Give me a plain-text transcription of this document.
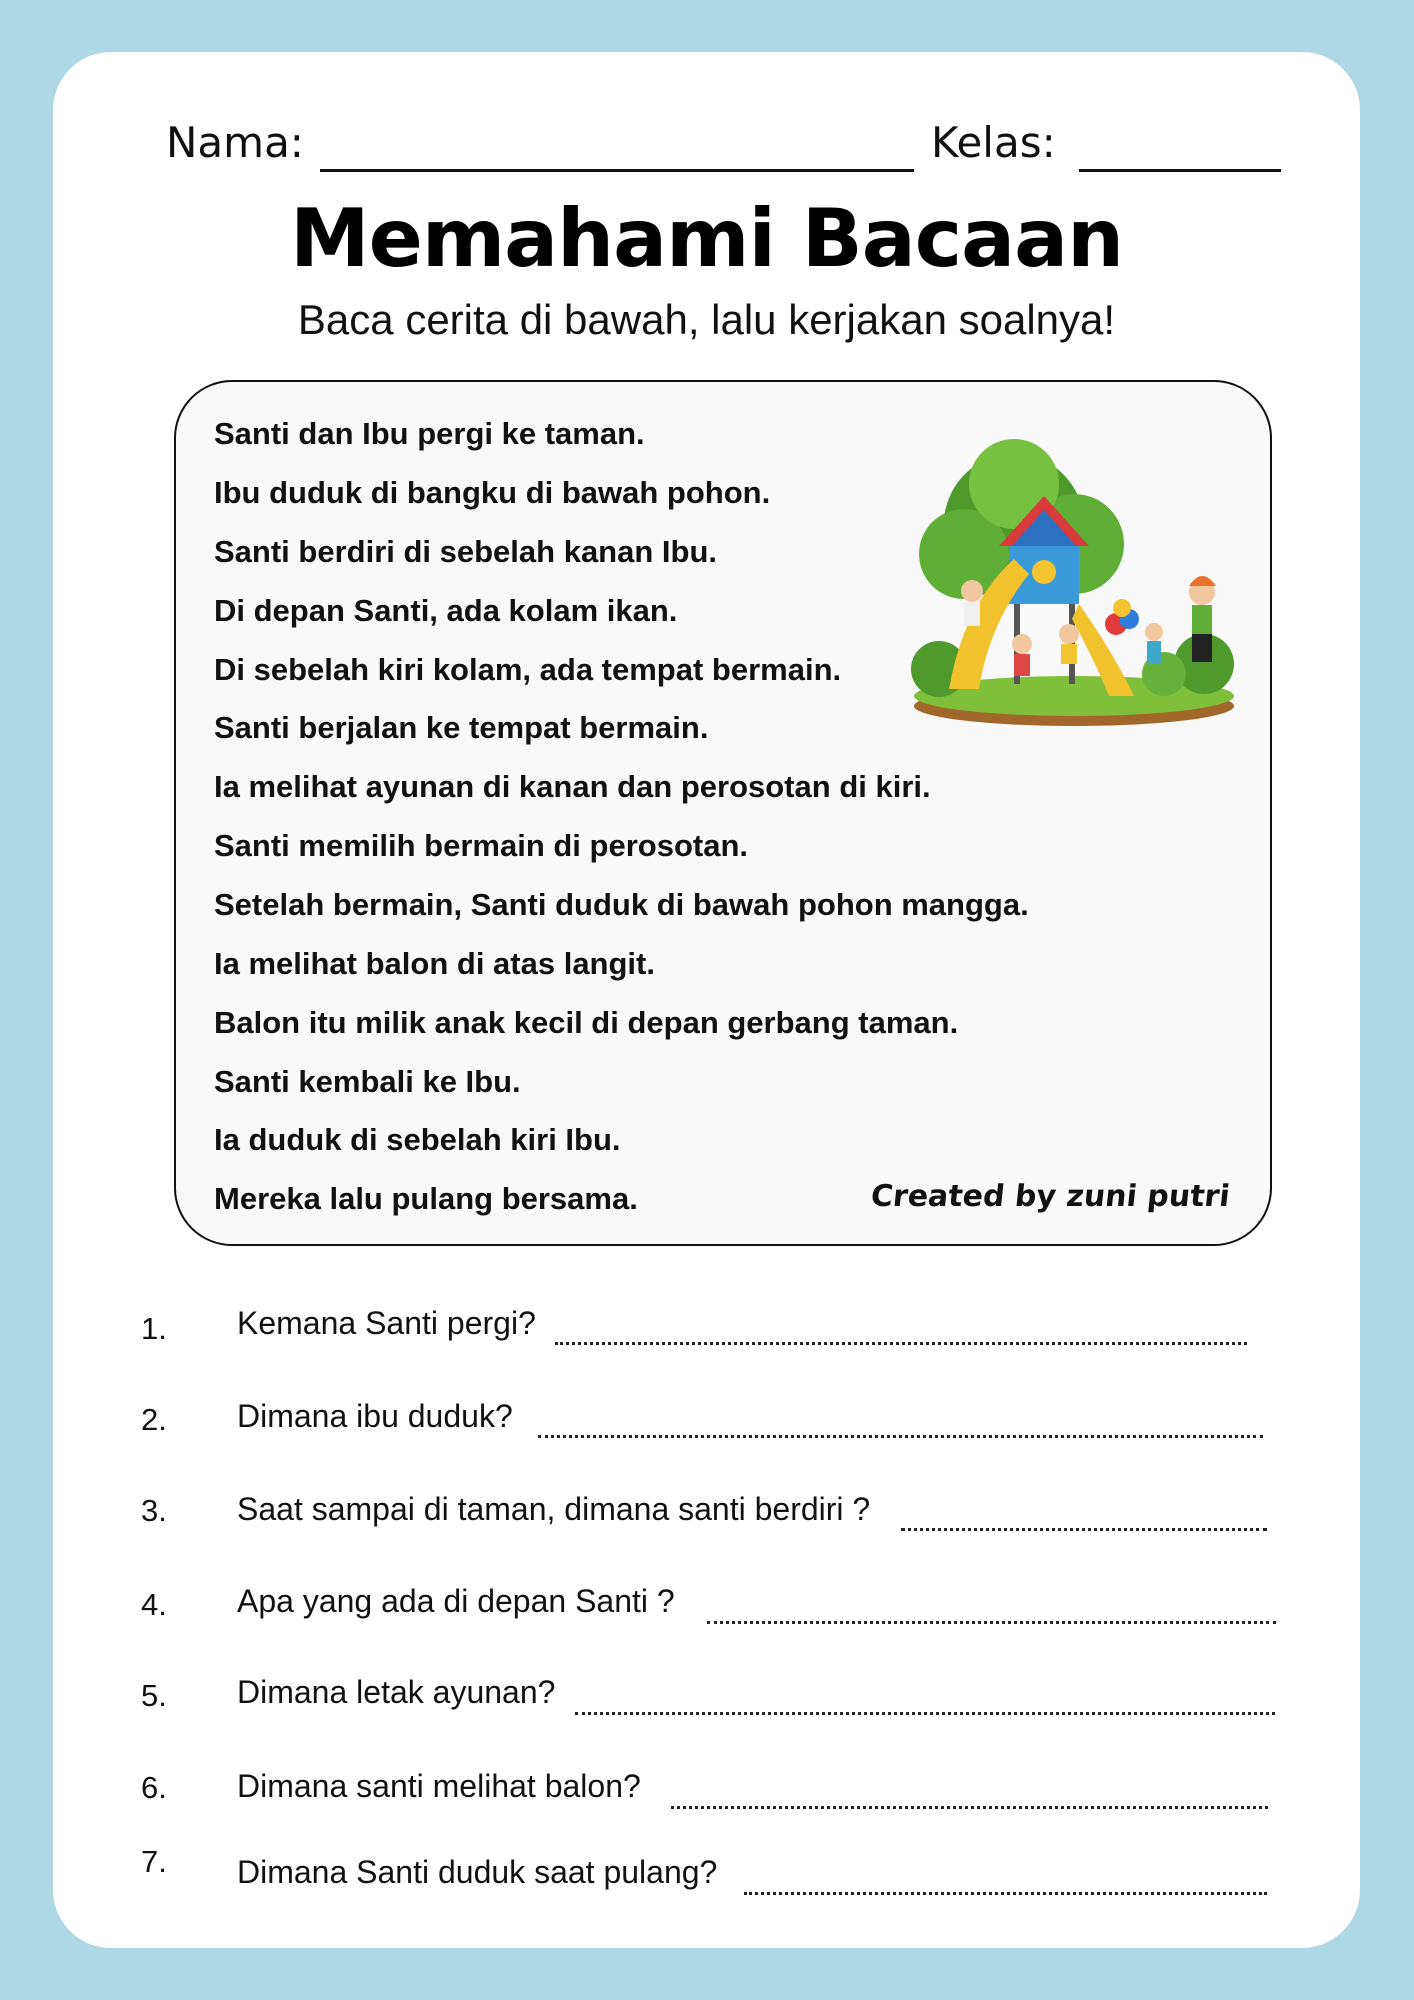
Nama:	Kelas:
Memahami Bacaan
Baca cerita di bawah, lalu kerjakan soalnya!
Santi dan Ibu pergi ke taman.
Ibu duduk di bangku di bawah pohon.
Santi berdiri di sebelah kanan Ibu.
Di depan Santi, ada kolam ikan.
Di sebelah kiri kolam, ada tempat bermain.
Santi berjalan ke tempat bermain.
Ia melihat ayunan di kanan dan perosotan di kiri.
Santi memilih bermain di perosotan.
Setelah bermain, Santi duduk di bawah pohon mangga.
Ia melihat balon di atas langit.
Balon itu milik anak kecil di depan gerbang taman.
Santi kembali ke Ibu.
Ia duduk di sebelah kiri Ibu.
Mereka lalu pulang bersama.	Created by zuni putri
1. Kemana Santi pergi?
2. Dimana ibu duduk?
3. Saat sampai di taman, dimana santi berdiri ?
4. Apa yang ada di depan Santi ?
5. Dimana letak ayunan?
6. Dimana santi melihat balon?
7. Dimana Santi duduk saat pulang?
